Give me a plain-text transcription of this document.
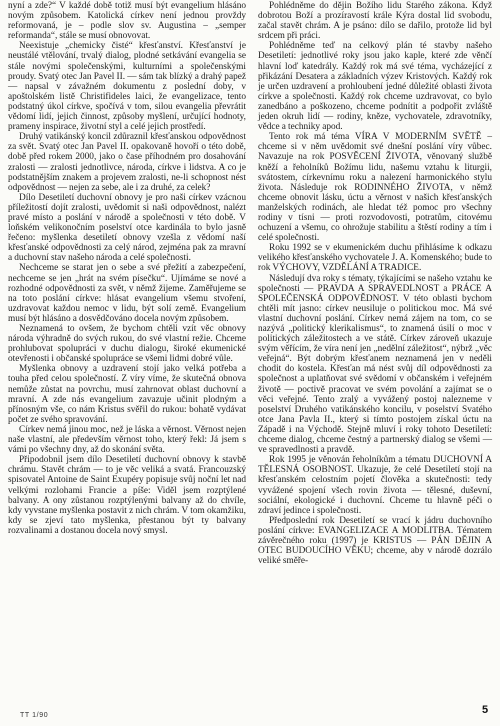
nyní a zde?“ V každé době totiž musí být evangelium hlásáno novým způsobem. Katolická církev není jednou provždy reformovaná, je – podle slov sv. Augustina – „semper reformanda“, stále se musí obnovovat.

Neexistuje „chemicky čisté“ křesťanství. Křesťanství je neustálé vtělování, trvalý dialog, plodné setkávání evangelia se stále novými společenskými, kulturními a společenskými proudy. Svatý otec Jan Pavel II. — sám tak blízký a drahý papež — napsal v závažném dokumentu z poslední doby, v apoštolském listě Christifideles laici, že evangelizace, tento podstatný úkol církve, spočívá v tom, silou evangelia převrátit vědomí lidí, jejich činnost, způsoby myšlení, určující hodnoty, prameny inspirace, životní styl a celé jejich prostředí.

Druhý vatikánský koncil zdůraznil křesťanskou odpovědnost za svět. Svatý otec Jan Pavel II. opakovaně hovoří o této době, době před rokem 2000, jako o čase příhodném pro dosahování zralosti — zralosti jednotlivce, národa, církve i lidstva. A co je podstatnějším znakem a projevem zralosti, ne-li schopnost nést odpovědnost — nejen za sebe, ale i za druhé, za celek?

Dílo Desetiletí duchovní obnovy je pro naši církev vzácnou příležitostí dojít zralosti, uvědomit si naši odpovědnost, nalézt pravé místo a poslání v národě a společnosti v této době. V loňském velikonočním poselství otce kardinála to bylo jasně řečeno: myšlenka desetiletí obnovy vzešla z vědomí naší křesťanské odpovědnosti za celý národ, zejména pak za mravní a duchovní stav našeho národa a celé společnosti.

Nechceme se starat jen o sebe a své přežití a zabezpečení, nechceme se jen „hrát na svém písečku“. Ujímáme se nové a rozhodné odpovědnosti za svět, v němž žijeme. Zaměřujeme se na toto poslání církve: hlásat evangelium všemu stvoření, uzdravovat každou nemoc v lidu, být solí země. Evangelium musí být hlásáno a dosvědčováno docela novým způsobem.

Neznamená to ovšem, že bychom chtěli vzít věc obnovy národa výhradně do svých rukou, do své vlastní režie. Chceme prohlubovat spolupráci v duchu dialogu, široké ekumenické otevřenosti i občanské spolupráce se všemi lidmi dobré vůle.

Myšlenka obnovy a uzdravení stojí jako velká potřeba a touha před celou společností. Z víry víme, že skutečná obnova nemůže zůstat na povrchu, musí zahrnovat oblast duchovní a mravní. A zde nás evangelium zavazuje učinit plodným a přínosným vše, co nám Kristus svěřil do rukou: bohatě vydávat počet ze svého spravování.

Církev nemá jinou moc, než je láska a věrnost. Věrnost nejen naše vlastní, ale především věrnost toho, který řekl: Já jsem s vámi po všechny dny, až do skonání světa.

Připodobnil jsem dílo Desetiletí duchovní obnovy k stavbě chrámu. Stavět chrám — to je věc veliká a svatá. Francouzský spisovatel Antoine de Saint Exupéry popisuje svůj noční let nad velkými rozlohami Francie a píše: Viděl jsem rozptýlené balvany. A ony zůstanou rozptýlenými balvany až do chvíle, kdy vyvstane myšlenka postavit z nich chrám. V tom okamžiku, kdy se zjeví tato myšlenka, přestanou být ty balvany rozvalinami a dostanou docela nový smysl.

Pohlédněme do dějin Božího lidu Starého zákona. Když dobrotou Boží a prozíravostí krále Kýra dostal lid svobodu, začal stavět chrám. A je psáno: dílo se dařilo, protože lid byl srdcem při práci.

Pohlédněme teď na celkový plán té stavby našeho Desetiletí: jednotlivé roky jsou jako kaple, které zde věnčí hlavní loď katedrály. Každý rok má své téma, vycházející z přikázání Desatera a základních výzev Kristových. Každý rok je určen uzdravení a prohloubení jedné důležité oblasti života církve a společnosti. Každý rok chceme uzdravovat, co bylo zanedbáno a poškozeno, chceme podnítit a podpořit zvláště jeden okruh lidí — rodiny, kněze, vychovatele, zdravotníky, vědce a techniky apod.

Tento rok má téma VÍRA V MODERNÍM SVĚTĚ – chceme si v něm uvědomit své dnešní poslání víry vůbec. Navazuje na rok POSVĚCENÍ ŽIVOTA, věnovaný službě kněží a řeholníků Božímu lidu, našemu vztahu k liturgii, svátostem, církevnímu roku a nalezení harmonického stylu života. Následuje rok RODINNÉHO ŽIVOTA, v němž chceme obnovit lásku, úctu a věrnost v našich křesťanských manželských rodinách, ale hledat též pomoc pro všechny rodiny v tísni — proti rozvodovosti, potratům, citovému ochuzení a všemu, co ohrožuje stabilitu a štěstí rodiny a tím i celé společnosti.

Roku 1992 se v ekumenickém duchu přihlásíme k odkazu velikého křesťanského vychovatele J. A. Komenského; bude to rok VÝCHOVY, VZDĚLÁNÍ A TRADICE.

Následují dva roky s tématy, týkajícími se našeho vztahu ke společnosti — PRAVDA A SPRAVEDLNOST a PRÁCE A SPOLEČENSKÁ ODPOVĚDNOST. V této oblasti bychom chtěli mít jasno: církev neusiluje o politickou moc. Má své vlastní duchovní poslání. Církev nemá zájem na tom, co se nazývá „politický klerikalismus“, to znamená úsilí o moc v politických záležitostech a ve státě. Církev zároveň ukazuje svým věřícím, že víra není jen „nedělní záležitost“, nýbrž „věc veřejná“. Být dobrým křesťanem neznamená jen v neděli chodit do kostela. Křesťan má nést svůj díl odpovědnosti za společnost a uplatňovat své svědomí v občanském i veřejném životě — poctivě pracovat ve svém povolání a zajímat se o věci veřejné. Tento zralý a vyvážený postoj nalezneme v poselství Druhého vatikánského koncilu, v poselství Svatého otce Jana Pavla II., který si tímto postojem získal úctu na Západě i na Východě. Stejně mluví i roky tohoto Desetiletí: chceme dialog, chceme čestný a partnerský dialog se všemi — ve spravedlnosti a pravdě.

Rok 1995 je věnován řeholníkům a tématu DUCHOVNÍ A TĚLESNÁ OSOBNOST. Ukazuje, že celé Desetiletí stojí na křesťanském celostním pojetí člověka a skutečnosti: tedy vyvážené spojení všech rovin života — tělesné, duševní, sociální, ekologické i duchovní. Chceme tu hlavně péči o zdraví jedince i společnosti.

Předposlední rok Desetiletí se vrací k jádru duchovního poslání církve: EVANGELIZACE A MODLITBA. Tématem závěrečného roku (1997) je KRISTUS — PÁN DĚJIN A OTEC BUDOUCÍHO VĚKU; chceme, aby v národě dozrálo veliké směře-

TT 1/90	5
